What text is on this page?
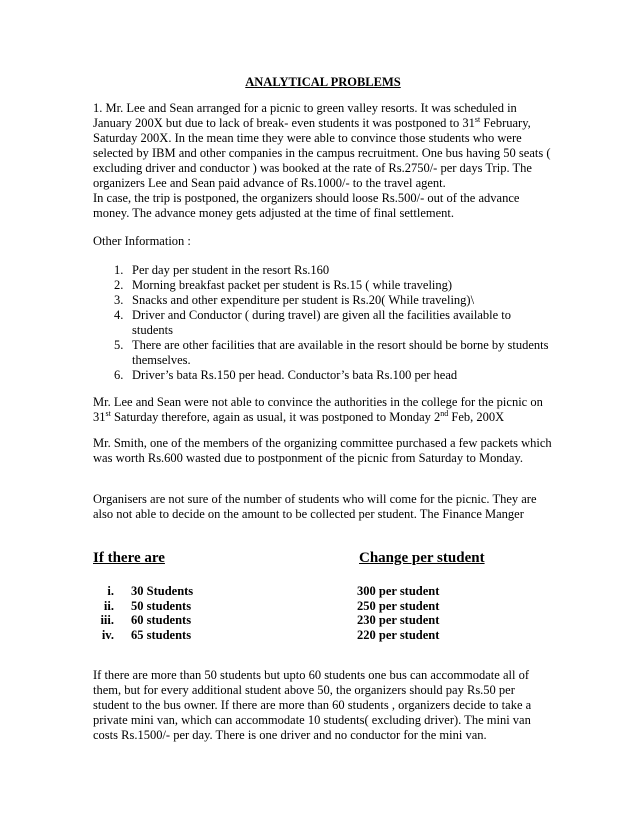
ANALYTICAL PROBLEMS
1. Mr. Lee and Sean arranged for a picnic to green valley resorts. It was scheduled in January 200X but due to lack of break- even students it was postponed to 31st February, Saturday 200X. In the mean time they were able to convince those students who were selected by IBM and other companies in the campus recruitment. One bus having 50 seats ( excluding driver and conductor ) was booked at the rate of Rs.2750/- per days Trip. The organizers Lee and Sean paid advance of Rs.1000/- to the travel agent.
In case, the trip is postponed, the organizers should loose Rs.500/- out of the advance money. The advance money gets adjusted at the time of final settlement.
Other Information :
1. Per day per student in the resort Rs.160
2. Morning breakfast packet per student is Rs.15 ( while traveling)
3. Snacks and other expenditure per student is Rs.20( While traveling)\
4. Driver and Conductor ( during travel) are given all the facilities available to students
5. There are other facilities that are available in the resort should be borne by students themselves.
6. Driver’s bata Rs.150 per head. Conductor’s bata Rs.100 per head
Mr. Lee and Sean were not able to convince the authorities in the college for the picnic on 31st Saturday therefore, again as usual, it was postponed to Monday 2nd Feb, 200X
Mr. Smith, one of the members of the organizing committee purchased a few packets which was worth Rs.600 wasted due to postponment of the picnic from Saturday to Monday.
Organisers are not sure of the number of students who will come for the picnic. They are also not able to decide on the amount to be collected per student. The Finance Manger
If there are	Change per student
i. 30 Students	300 per student
ii. 50 students	250 per student
iii. 60 students	230 per student
iv. 65 students	220 per student
If there are more than 50 students but upto 60 students one bus can accommodate all of them, but for every additional student above 50, the organizers should pay Rs.50 per student to the bus owner. If there are more than 60 students , organizers decide to take a private mini van, which can accommodate 10 students( excluding driver). The mini van costs Rs.1500/- per day. There is one driver and no conductor for the mini van.
